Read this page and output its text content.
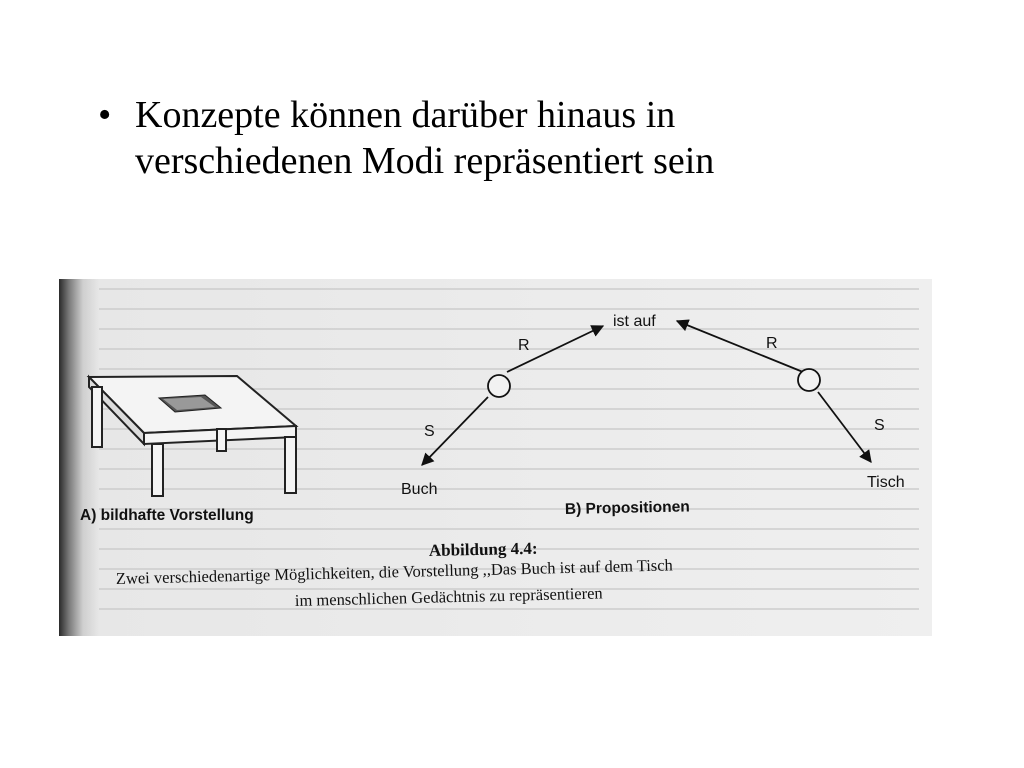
• Konzepte können darüber hinaus in
verschiedenen Modi repräsentiert sein
ist auf
R	R
S	S
Buch	Tisch
A) bildhafte Vorstellung	B) Propositionen
Abbildung 4.4:
Zwei verschiedenartige Möglichkeiten, die Vorstellung ,,Das Buch ist auf dem Tisch
im menschlichen Gedächtnis zu repräsentieren
